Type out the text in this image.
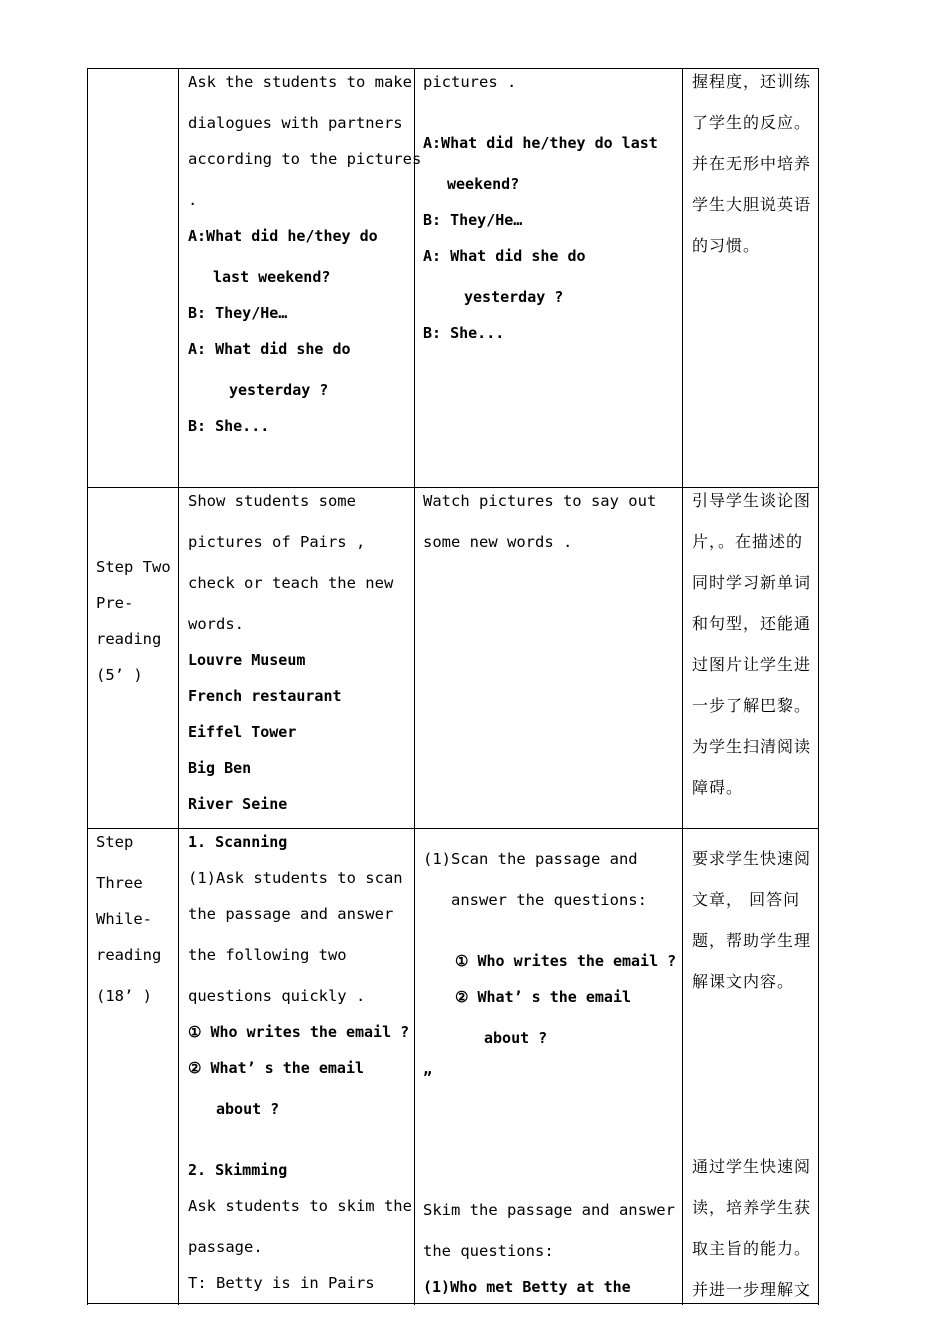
Ask the students to make
dialogues with partners
according to the pictures
.
A:What did he/they do
last weekend?
B: They/He…
A: What did she do
yesterday ?
B: She...
pictures .
A:What did he/they do last
weekend?
B: They/He…
A: What did she do
yesterday ?
B: She...
握程度，还训练
了学生的反应。
并在无形中培养
学生大胆说英语
的习惯。
Step Two
Pre-
reading
(5’ )
Show students some
pictures of Pairs ,
check or teach the new
words.
Louvre Museum
French restaurant
Eiffel Tower
Big Ben
River Seine
Watch pictures to say out
some new words .
引导学生谈论图
片，。在描述的
同时学习新单词
和句型，还能通
过图片让学生进
一步了解巴黎。
为学生扫清阅读
障碍。
Step
Three
While-
reading
(18’ )
1. Scanning
(1)Ask students to scan
the passage and answer
the following two
questions quickly .
① Who writes the email ?
② What’ s the email
about ?
2. Skimming
Ask students to skim the
passage.
T: Betty is in Pairs
(1)Scan the passage and
answer the questions:
① Who writes the email ?
② What’ s the email
about ?
„
Skim the passage and answer
the questions:
(1)Who met Betty at the
要求学生快速阅
文章， 回答问
题，帮助学生理
解课文内容。
通过学生快速阅
读，培养学生获
取主旨的能力。
并进一步理解文
